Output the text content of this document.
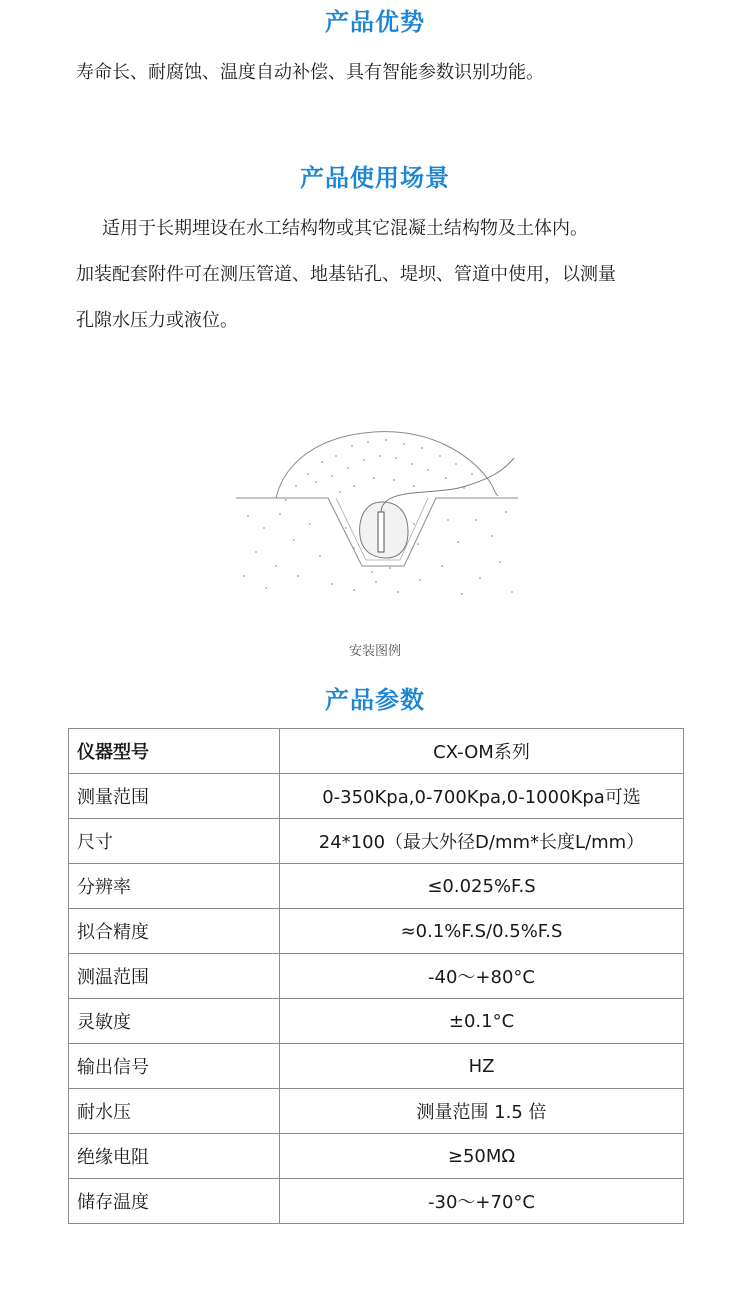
产品优势
寿命长、耐腐蚀、温度自动补偿、具有智能参数识别功能。
产品使用场景
适用于长期埋设在水工结构物或其它混凝土结构物及土体内。
加装配套附件可在测压管道、地基钻孔、堤坝、管道中使用，以测量
孔隙水压力或液位。
安装图例
产品参数
仪器型号	CX-OM系列
测量范围	0-350Kpa,0-700Kpa,0-1000Kpa可选
尺寸	24*100（最大外径D/mm*长度L/mm）
分辨率	≤0.025%F.S
拟合精度	≈0.1%F.S/0.5%F.S
测温范围	-40～+80°C
灵敏度	±0.1°C
输出信号	HZ
耐水压	测量范围 1.5 倍
绝缘电阻	≥50MΩ
储存温度	-30～+70°C
